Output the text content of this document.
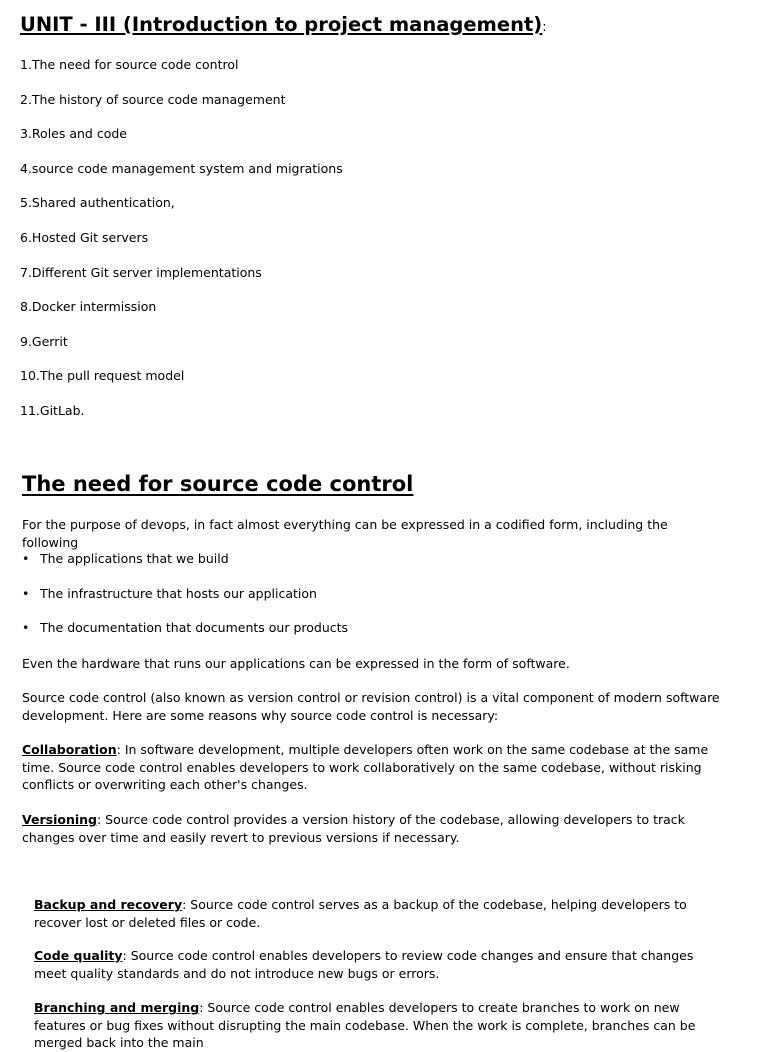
UNIT - III (Introduction to project management):

1.The need for source code control

2.The history of source code management

3.Roles and code

4.source code management system and migrations

5.Shared authentication,

6.Hosted Git servers

7.Different Git server implementations

8.Docker intermission

9.Gerrit

10.The pull request model

11.GitLab.

The need for source code control

For the purpose of devops, in fact almost everything can be expressed in a codified form, including the following

• The applications that we build

• The infrastructure that hosts our application

• The documentation that documents our products

Even the hardware that runs our applications can be expressed in the form of software.

Source code control (also known as version control or revision control) is a vital component of modern software development. Here are some reasons why source code control is necessary:

Collaboration: In software development, multiple developers often work on the same codebase at the same time. Source code control enables developers to work collaboratively on the same codebase, without risking conflicts or overwriting each other's changes.

Versioning: Source code control provides a version history of the codebase, allowing developers to track changes over time and easily revert to previous versions if necessary.

Backup and recovery: Source code control serves as a backup of the codebase, helping developers to recover lost or deleted files or code.

Code quality: Source code control enables developers to review code changes and ensure that changes meet quality standards and do not introduce new bugs or errors.

Branching and merging: Source code control enables developers to create branches to work on new features or bug fixes without disrupting the main codebase. When the work is complete, branches can be merged back into the main
